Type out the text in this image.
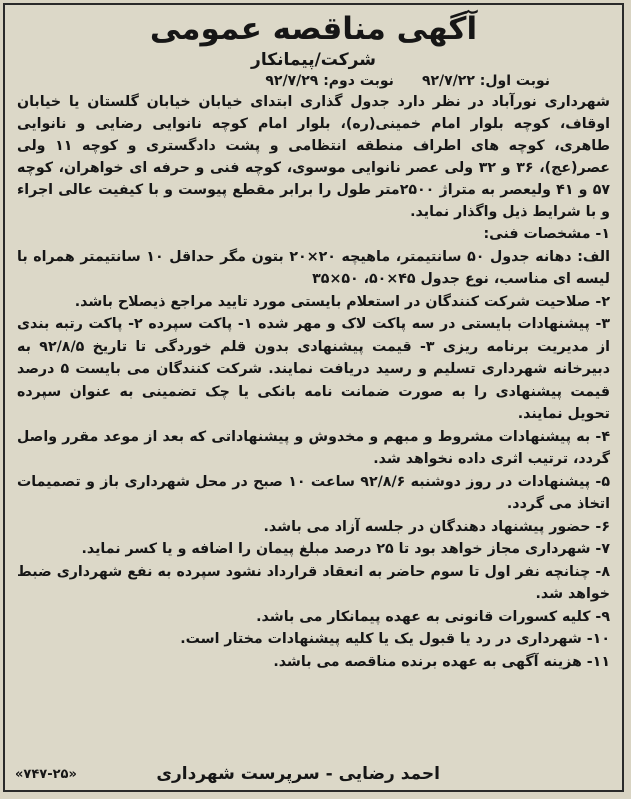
آگهی مناقصه عمومی
شرکت/پیمانکار
نوبت اول: ۹۲/۷/۲۲
نوبت دوم: ۹۲/۷/۲۹

شهرداری نورآباد در نظر دارد جدول گذاری ابتدای خیابان خیابان گلستان یا خیابان اوقاف، کوچه بلوار امام خمینی(ره)، بلوار امام کوچه نانوایی رضایی و نانوایی طاهری، کوچه های اطراف منطقه انتظامی و پشت دادگستری و کوچه ۱۱ ولی عصر(عج)، ۳۶ و ۳۲ ولی عصر نانوایی موسوی، کوچه فنی و حرفه ای خواهران، کوچه ۵۷ و ۴۱ ولیعصر به متراژ ۲۵۰۰متر طول را برابر مقطع پیوست و با کیفیت عالی اجراء و با شرایط ذیل واگذار نماید.

۱- مشخصات فنی:

الف: دهانه جدول ۵۰ سانتیمتر، ماهیچه ۲۰×۲۰ بتون مگر حداقل ۱۰ سانتیمتر همراه با لیسه ای مناسب، نوع جدول ۴۵×۵۰، ۵۰×۳۵

۲- صلاحیت شرکت کنندگان در استعلام بایستی مورد تایید مراجع ذیصلاح باشد.

۳- پیشنهادات بایستی در سه پاکت لاک و مهر شده ۱- پاکت سپرده ۲- پاکت رتبه بندی از مدیریت برنامه ریزی ۳- قیمت پیشنهادی بدون قلم خوردگی تا تاریخ ۹۲/۸/۵ به دبیرخانه شهرداری تسلیم و رسید دریافت نمایند. شرکت کنندگان می بایست ۵ درصد قیمت پیشنهادی را به صورت ضمانت نامه بانکی یا چک تضمینی به عنوان سپرده تحویل نمایند.

۴- به پیشنهادات مشروط و مبهم و مخدوش و پیشنهاداتی که بعد از موعد مقرر واصل گردد، ترتیب اثری داده نخواهد شد.

۵- پیشنهادات در روز دوشنبه ۹۲/۸/۶ ساعت ۱۰ صبح در محل شهرداری باز و تصمیمات اتخاذ می گردد.

۶- حضور پیشنهاد دهندگان در جلسه آزاد می باشد.

۷- شهرداری مجاز خواهد بود تا ۲۵ درصد مبلغ پیمان را اضافه و یا کسر نماید.

۸- چنانچه نفر اول تا سوم حاضر به انعقاد قرارداد نشود سپرده به نفع شهرداری ضبط خواهد شد.

۹- کلیه کسورات قانونی به عهده پیمانکار می باشد.

۱۰- شهرداری در رد یا قبول یک یا کلیه پیشنهادات مختار است.

۱۱- هزینه آگهی به عهده برنده مناقصه می باشد.

احمد رضایی - سرپرست شهرداری
«۷۴۷-۲۵»
